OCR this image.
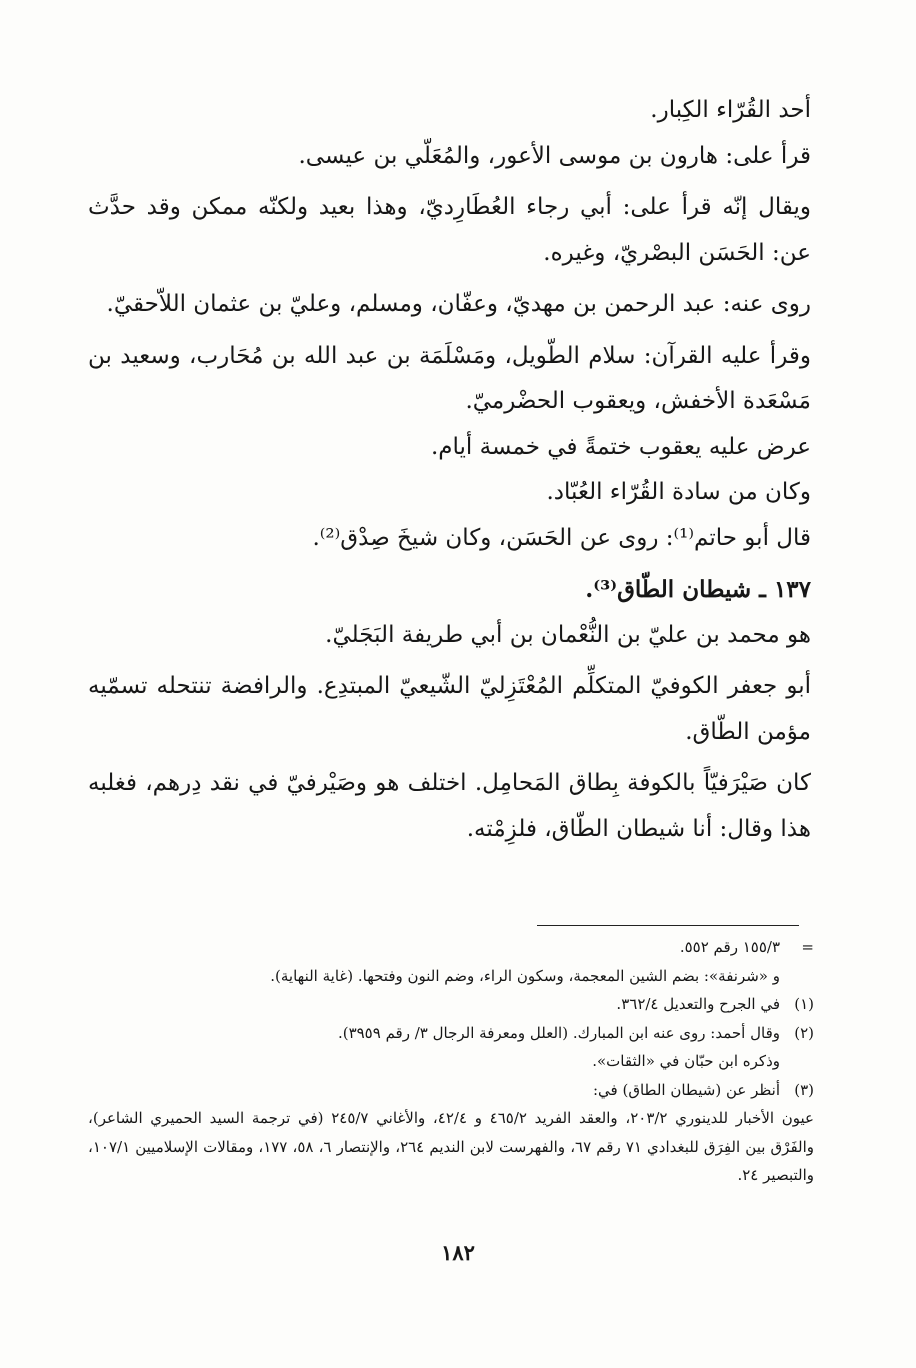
أحد القُرّاء الكِبار.

قرأ على: هارون بن موسى الأعور، والمُعَلّي بن عيسى.

ويقال إنّه قرأ على: أبي رجاء العُطَارِديّ، وهذا بعيد ولكنّه ممكن وقد حدَّث عن: الحَسَن البصْريّ، وغيره.

روى عنه: عبد الرحمن بن مهديّ، وعفّان، ومسلم، وعليّ بن عثمان اللاّحقيّ.

وقرأ عليه القرآن: سلام الطّويل، ومَسْلَمَة بن عبد الله بن مُحَارب، وسعيد بن مَسْعَدة الأخفش، ويعقوب الحضْرميّ.

عرض عليه يعقوب ختمةً في خمسة أيام.

وكان من سادة القُرّاء العُبّاد.

قال أبو حاتم⁽¹⁾: روى عن الحَسَن، وكان شيخَ صِدْق⁽²⁾.

١٣٧ ـ شيطان الطّاق⁽³⁾.

هو محمد بن عليّ بن النُّعْمان بن أبي طريفة البَجَليّ.

أبو جعفر الكوفيّ المتكلِّم المُعْتَزِليّ الشّيعيّ المبتدِع. والرافضة تنتحله تسمّيه مؤمن الطّاق.

كان صَيْرَفيّاً بالكوفة بِطاق المَحامِل. اختلف هو وصَيْرفيّ في نقد دِرهم، فغلبه هذا وقال: أنا شيطان الطّاق، فلزِمْته.

=
١٥٥/٣ رقم ٥٥٢.

و «شرنفة»: بضم الشين المعجمة، وسكون الراء، وضم النون وفتحها. (غاية النهاية).

(١)
في الجرح والتعديل ٣٦٢/٤.
(٢)
وقال أحمد: روى عنه ابن المبارك. (العلل ومعرفة الرجال ٣/ رقم ٣٩٥٩).

وذكره ابن حبّان في «الثقات».

(٣)
أنظر عن (شيطان الطاق) في:

عيون الأخبار للدينوري ٢٠٣/٢، والعقد الفريد ٤٦٥/٢ و ٤٢/٤، والأغاني ٢٤٥/٧ (في ترجمة السيد الحميري الشاعر)، والفَرْق بين الفِرَق للبغدادي ٧١ رقم ٦٧، والفهرست لابن النديم ٢٦٤، والإنتصار ٦، ٥٨، ١٧٧، ومقالات الإسلاميين ١٠٧/١، والتبصير ٢٤.

١٨٢
